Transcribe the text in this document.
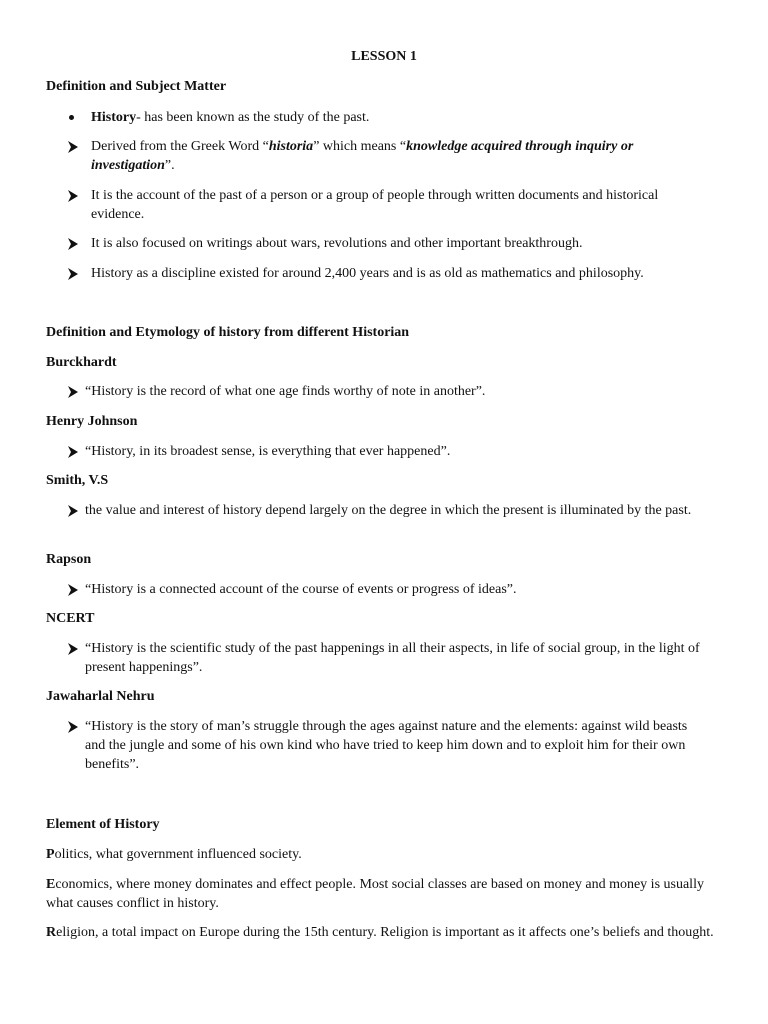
LESSON 1
Definition and Subject Matter
History- has been known as the study of the past.
Derived from the Greek Word “historia” which means “knowledge acquired through inquiry or investigation”.
It is the account of the past of a person or a group of people through written documents and historical evidence.
It is also focused on writings about wars, revolutions and other important breakthrough.
History as a discipline existed for around 2,400 years and is as old as mathematics and philosophy.
Definition and Etymology of history from different Historian
Burckhardt
“History is the record of what one age finds worthy of note in another”.
Henry Johnson
“History, in its broadest sense, is everything that ever happened”.
Smith, V.S
the value and interest of history depend largely on the degree in which the present is illuminated by the past.
Rapson
“History is a connected account of the course of events or progress of ideas”.
NCERT
“History is the scientific study of the past happenings in all their aspects, in life of social group, in the light of present happenings”.
Jawaharlal Nehru
“History is the story of man’s struggle through the ages against nature and the elements: against wild beasts and the jungle and some of his own kind who have tried to keep him down and to exploit him for their own benefits”.
Element of History
Politics, what government influenced society.
Economics, where money dominates and effect people. Most social classes are based on money and money is usually what causes conflict in history.
Religion, a total impact on Europe during the 15th century. Religion is important as it affects one’s beliefs and thought.
